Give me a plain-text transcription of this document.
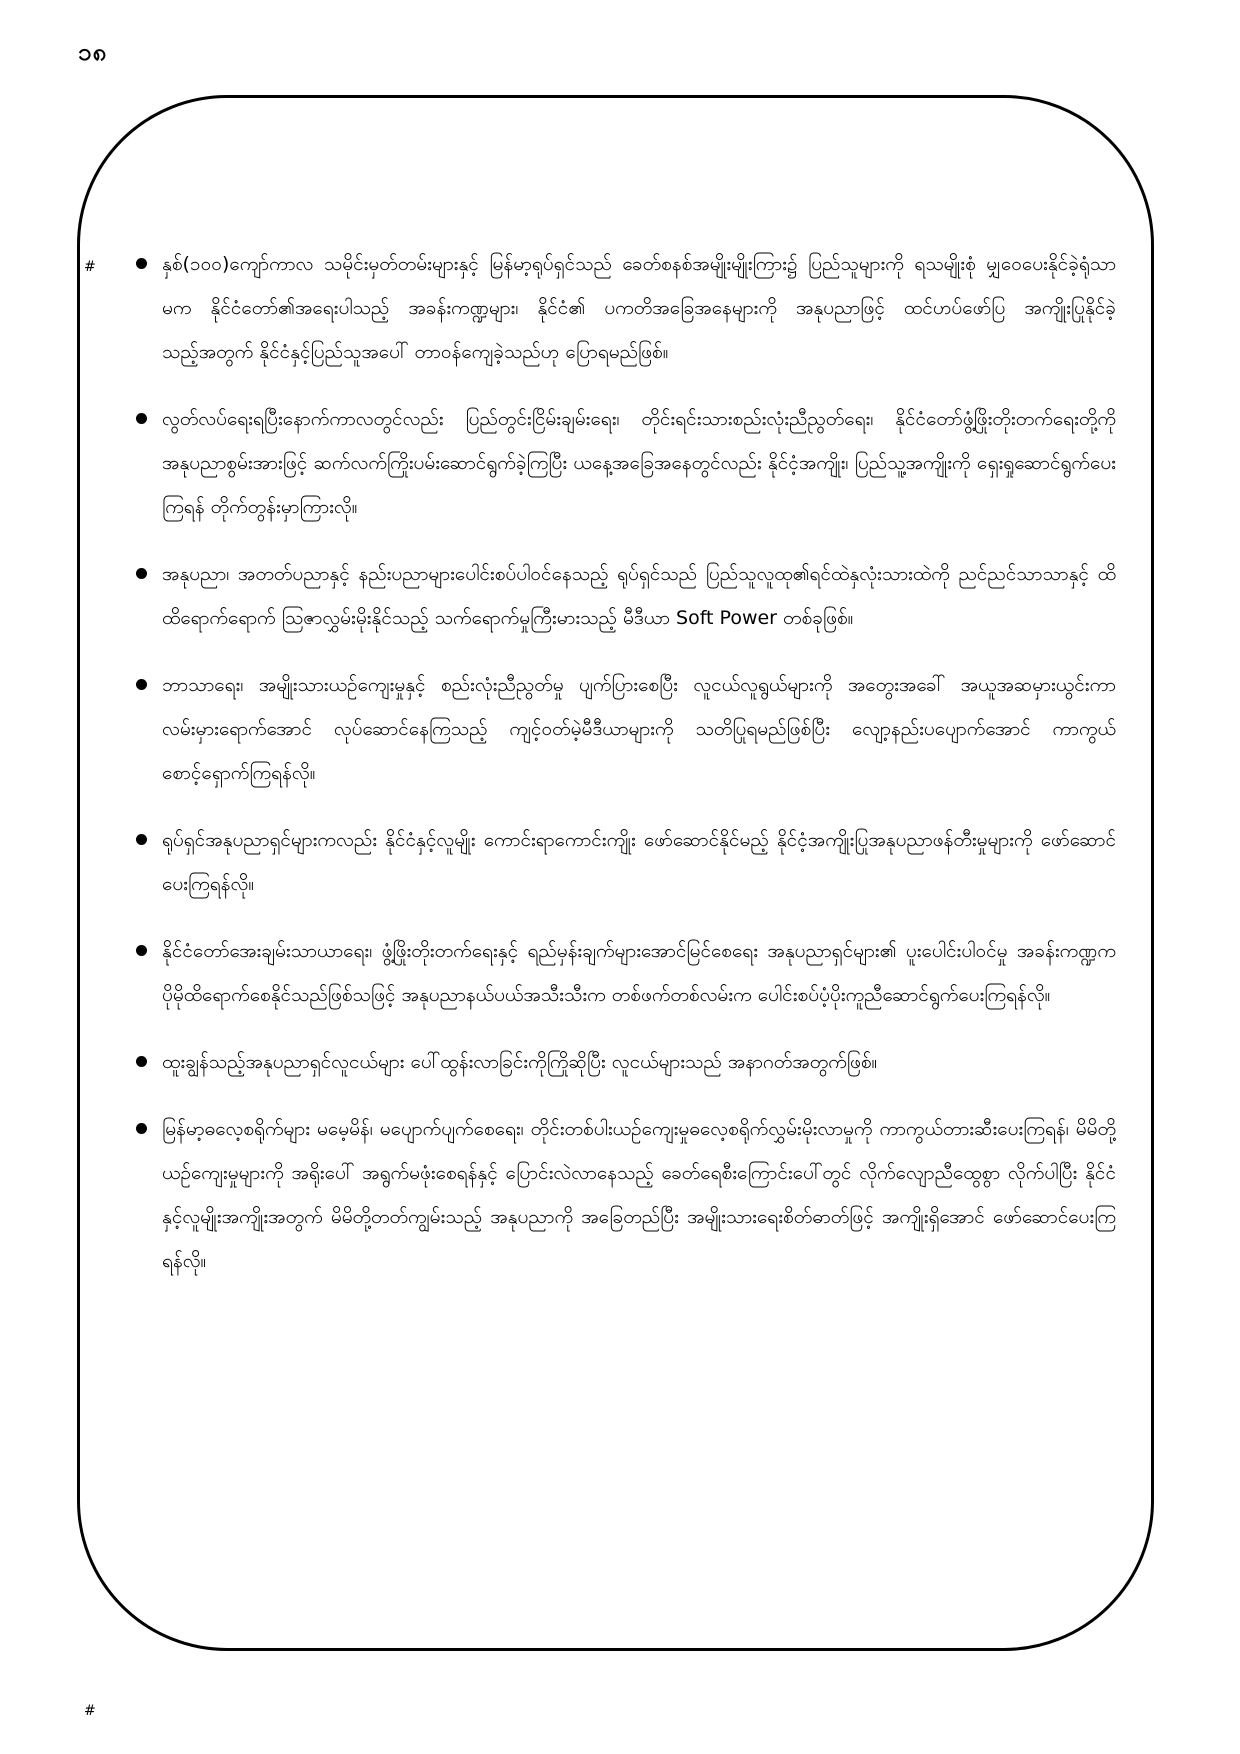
၁၈
#	နှစ်(၁၀၀)ကျော်ကာလ သမိုင်းမှတ်တမ်းများနှင့် မြန်မာ့ရုပ်ရှင်သည် ခေတ်စနစ်အမျိုးမျိုးကြား၌ ပြည်သူများကို ရသမျိုးစုံ မျှဝေပေးနိုင်ခဲ့ရုံသာမက နိုင်ငံတော်၏အရေးပါသည့် အခန်းကဏ္ဍများ၊ နိုင်ငံ၏ ပကတိအခြေအနေများကို အနုပညာဖြင့် ထင်ဟပ်ဖော်ပြ အကျိုးပြုနိုင်ခဲ့သည့်အတွက် နိုင်ငံနှင့်ပြည်သူအပေါ် တာဝန်ကျေခဲ့သည်ဟု ပြောရမည်ဖြစ်။
လွတ်လပ်ရေးရပြီးနောက်ကာလတွင်လည်း ပြည်တွင်းငြိမ်းချမ်းရေး၊ တိုင်းရင်းသားစည်းလုံးညီညွတ်ရေး၊ နိုင်ငံတော်ဖွံ့ဖြိုးတိုးတက်ရေးတို့ကို အနုပညာစွမ်းအားဖြင့် ဆက်လက်ကြိုးပမ်းဆောင်ရွက်ခဲ့ကြပြီး ယနေ့အခြေအနေတွင်လည်း နိုင်ငံ့အကျိုး၊ ပြည်သူ့အကျိုးကို ရှေးရှုဆောင်ရွက်ပေးကြရန် တိုက်တွန်းမှာကြားလို။
အနုပညာ၊ အတတ်ပညာနှင့် နည်းပညာများပေါင်းစပ်ပါဝင်နေသည့် ရုပ်ရှင်သည် ပြည်သူလူထု၏ရင်ထဲနှလုံးသားထဲကို ညင်ညင်သာသာနှင့် ထိထိရောက်ရောက် ဩဇာလွှမ်းမိုးနိုင်သည့် သက်ရောက်မှုကြီးမားသည့် မီဒီယာ Soft Power တစ်ခုဖြစ်။
ဘာသာရေး၊ အမျိုးသားယဉ်ကျေးမှုနှင့် စည်းလုံးညီညွတ်မှု ပျက်ပြားစေပြီး လူငယ်လူရွယ်များကို အတွေးအခေါ် အယူအဆမှားယွင်းကာ လမ်းမှားရောက်အောင် လုပ်ဆောင်နေကြသည့် ကျင့်ဝတ်မဲ့မီဒီယာများကို သတိပြုရမည်ဖြစ်ပြီး လျော့နည်းပပျောက်အောင် ကာကွယ်စောင့်ရှောက်ကြရန်လို။
ရုပ်ရှင်အနုပညာရှင်များကလည်း နိုင်ငံနှင့်လူမျိုး ကောင်းရာကောင်းကျိုး ဖော်ဆောင်နိုင်မည့် နိုင်ငံ့အကျိုးပြုအနုပညာဖန်တီးမှုများကို ဖော်ဆောင်ပေးကြရန်လို။
နိုင်ငံတော်အေးချမ်းသာယာရေး၊ ဖွံ့ဖြိုးတိုးတက်ရေးနှင့် ရည်မှန်းချက်များအောင်မြင်စေရေး အနုပညာရှင်များ၏ ပူးပေါင်းပါဝင်မှု အခန်းကဏ္ဍက ပိုမိုထိရောက်စေနိုင်သည်ဖြစ်သဖြင့် အနုပညာနယ်ပယ်အသီးသီးက တစ်ဖက်တစ်လမ်းက ပေါင်းစပ်ပံ့ပိုးကူညီဆောင်ရွက်ပေးကြရန်လို။
ထူးချွန်သည့်အနုပညာရှင်လူငယ်များ ပေါ်ထွန်းလာခြင်းကိုကြိုဆိုပြီး လူငယ်များသည် အနာဂတ်အတွက်ဖြစ်။
မြန်မာ့ဓလေ့စရိုက်များ မမေ့မိန်၊ မပျောက်ပျက်စေရေး၊ တိုင်းတစ်ပါးယဉ်ကျေးမှုဓလေ့စရိုက်လွှမ်းမိုးလာမှုကို ကာကွယ်တားဆီးပေးကြရန်၊ မိမိတို့ယဉ်ကျေးမှုများကို အရိုးပေါ် အရွက်မဖုံးစေရန်နှင့် ပြောင်းလဲလာနေသည့် ခေတ်ရေစီးကြောင်းပေါ်တွင် လိုက်လျောညီထွေစွာ လိုက်ပါပြီး နိုင်ငံနှင့်လူမျိုးအကျိုးအတွက် မိမိတို့တတ်ကျွမ်းသည့် အနုပညာကို အခြေတည်ပြီး အမျိုးသားရေးစိတ်ဓာတ်ဖြင့် အကျိုးရှိအောင် ဖော်ဆောင်ပေးကြရန်လို။
#
